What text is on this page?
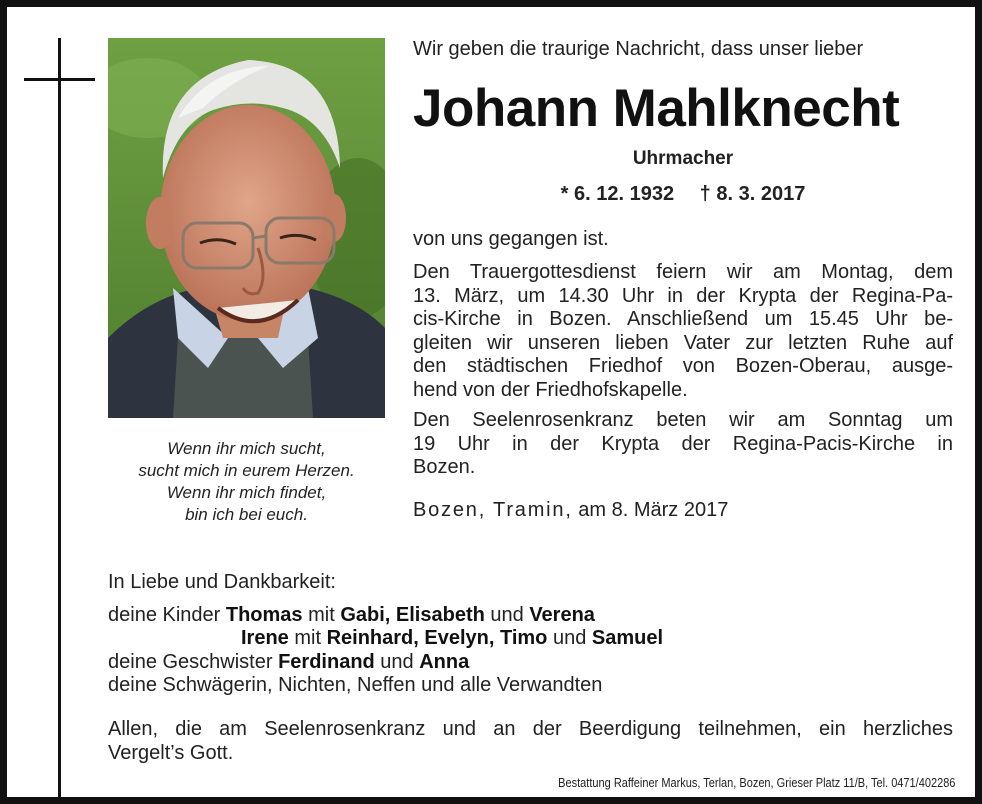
Wenn ihr mich sucht,
sucht mich in eurem Herzen.
Wenn ihr mich findet,
bin ich bei euch.
Wir geben die traurige Nachricht, dass unser lieber
Johann Mahlknecht
Uhrmacher
* 6. 12. 1932 † 8. 3. 2017
von uns gegangen ist.
Den Trauergottesdienst feiern wir am Montag, dem
13. März, um 14.30 Uhr in der Krypta der Regina-Pa-
cis-Kirche in Bozen. Anschließend um 15.45 Uhr be-
gleiten wir unseren lieben Vater zur letzten Ruhe auf
den städtischen Friedhof von Bozen-Oberau, ausge-
hend von der Friedhofskapelle.
Den Seelenrosenkranz beten wir am Sonntag um
19 Uhr in der Krypta der Regina-Pacis-Kirche in
Bozen.
Bozen, Tramin, am 8. März 2017
In Liebe und Dankbarkeit:
deine Kinder Thomas mit Gabi, Elisabeth und Verena
Irene mit Reinhard, Evelyn, Timo und Samuel
deine Geschwister Ferdinand und Anna
deine Schwägerin, Nichten, Neffen und alle Verwandten
Allen, die am Seelenrosenkranz und an der Beerdigung teilnehmen, ein herzliches
Vergelt’s Gott.
Bestattung Raffeiner Markus, Terlan, Bozen, Grieser Platz 11/B, Tel. 0471/402286
